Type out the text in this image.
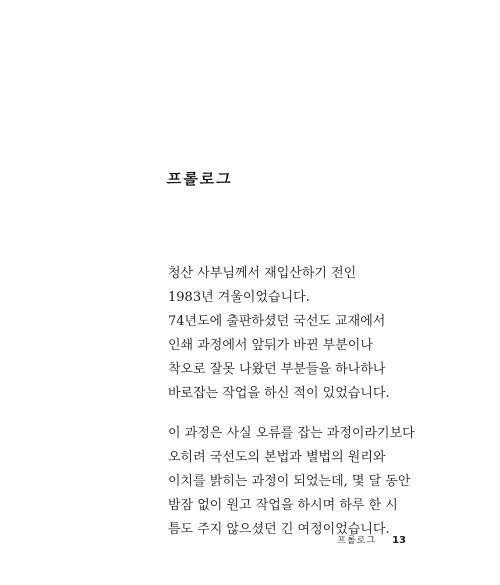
프롤로그

청산 사부님께서 재입산하기 전인
1983년 겨울이었습니다.
74년도에 출판하셨던 국선도 교재에서
인쇄 과정에서 앞뒤가 바뀐 부분이나
착오로 잘못 나왔던 부분들을 하나하나
바로잡는 작업을 하신 적이 있었습니다.

이 과정은 사실 오류를 잡는 과정이라기보다
오히려 국선도의 본법과 별법의 원리와
이치를 밝히는 과정이 되었는데, 몇 달 동안
밤잠 없이 원고 작업을 하시며 하루 한 시
틈도 주지 않으셨던 긴 여정이었습니다.

프롤로그 13
